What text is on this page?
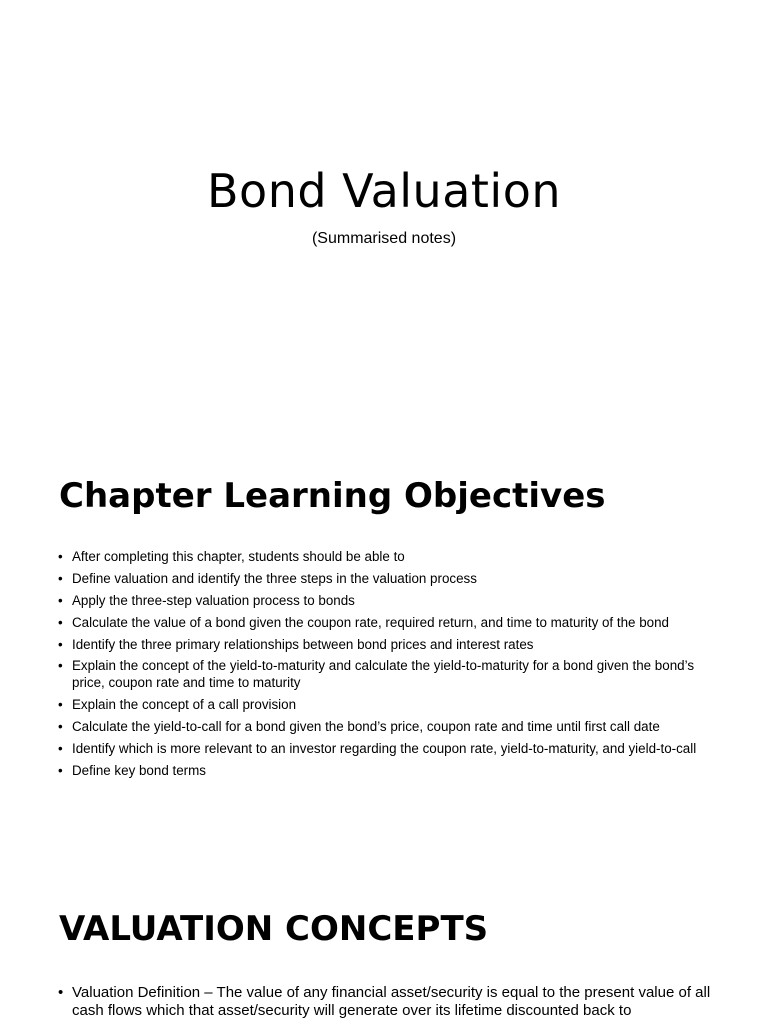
Bond Valuation
(Summarised notes)
Chapter Learning Objectives
• After completing this chapter, students should be able to
• Define valuation and identify the three steps in the valuation process
• Apply the three-step valuation process to bonds
• Calculate the value of a bond given the coupon rate, required return, and time to maturity of the bond
• Identify the three primary relationships between bond prices and interest rates
• Explain the concept of the yield-to-maturity and calculate the yield-to-maturity for a bond given the bond’s price, coupon rate and time to maturity
• Explain the concept of a call provision
• Calculate the yield-to-call for a bond given the bond’s price, coupon rate and time until first call date
• Identify which is more relevant to an investor regarding the coupon rate, yield-to-maturity, and yield-to-call
• Define key bond terms
VALUATION CONCEPTS
• Valuation Definition – The value of any financial asset/security is equal to the present value of all cash flows which that asset/security will generate over its lifetime discounted back to
